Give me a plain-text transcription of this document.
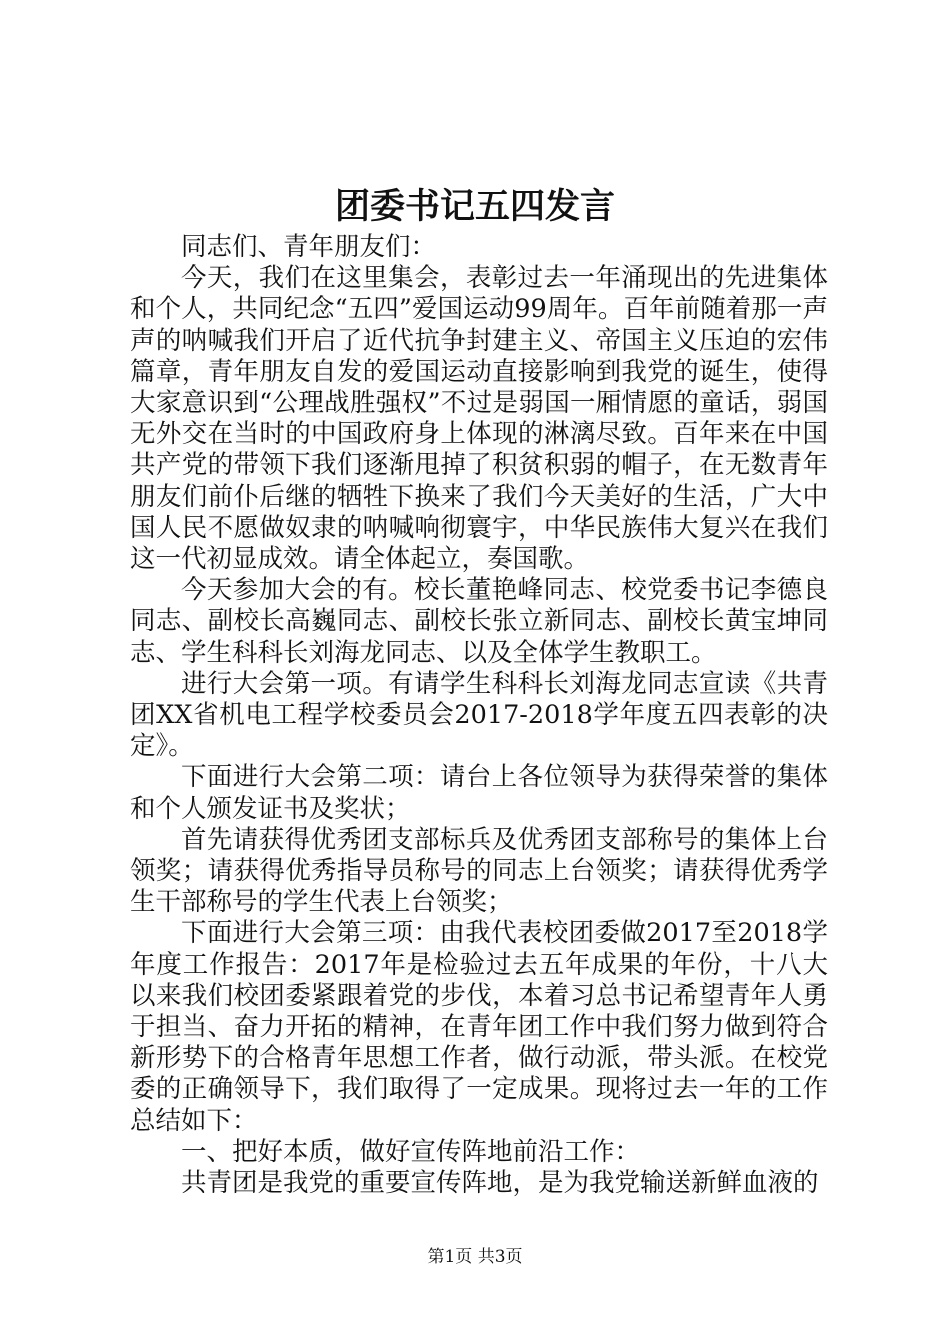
团委书记五四发言

同志们、青年朋友们：

今天，我们在这里集会，表彰过去一年涌现出的先进集体和个人，共同纪念“五四”爱国运动99周年。百年前随着那一声声的呐喊我们开启了近代抗争封建主义、帝国主义压迫的宏伟篇章，青年朋友自发的爱国运动直接影响到我党的诞生，使得大家意识到“公理战胜强权”不过是弱国一厢情愿的童话，弱国无外交在当时的中国政府身上体现的淋漓尽致。百年来在中国共产党的带领下我们逐渐甩掉了积贫积弱的帽子，在无数青年朋友们前仆后继的牺牲下换来了我们今天美好的生活，广大中国人民不愿做奴隶的呐喊响彻寰宇，中华民族伟大复兴在我们这一代初显成效。请全体起立，奏国歌。

今天参加大会的有。校长董艳峰同志、校党委书记李德良同志、副校长高巍同志、副校长张立新同志、副校长黄宝坤同志、学生科科长刘海龙同志、以及全体学生教职工。

进行大会第一项。有请学生科科长刘海龙同志宣读《共青团XX省机电工程学校委员会2017-2018学年度五四表彰的决定》。

下面进行大会第二项：请台上各位领导为获得荣誉的集体和个人颁发证书及奖状；

首先请获得优秀团支部标兵及优秀团支部称号的集体上台领奖；请获得优秀指导员称号的同志上台领奖；请获得优秀学生干部称号的学生代表上台领奖；

下面进行大会第三项：由我代表校团委做2017至2018学年度工作报告：2017年是检验过去五年成果的年份，十八大以来我们校团委紧跟着党的步伐，本着习总书记希望青年人勇于担当、奋力开拓的精神，在青年团工作中我们努力做到符合新形势下的合格青年思想工作者，做行动派，带头派。在校党委的正确领导下，我们取得了一定成果。现将过去一年的工作总结如下：

一、把好本质，做好宣传阵地前沿工作：

共青团是我党的重要宣传阵地，是为我党输送新鲜血液的

第1页 共3页
